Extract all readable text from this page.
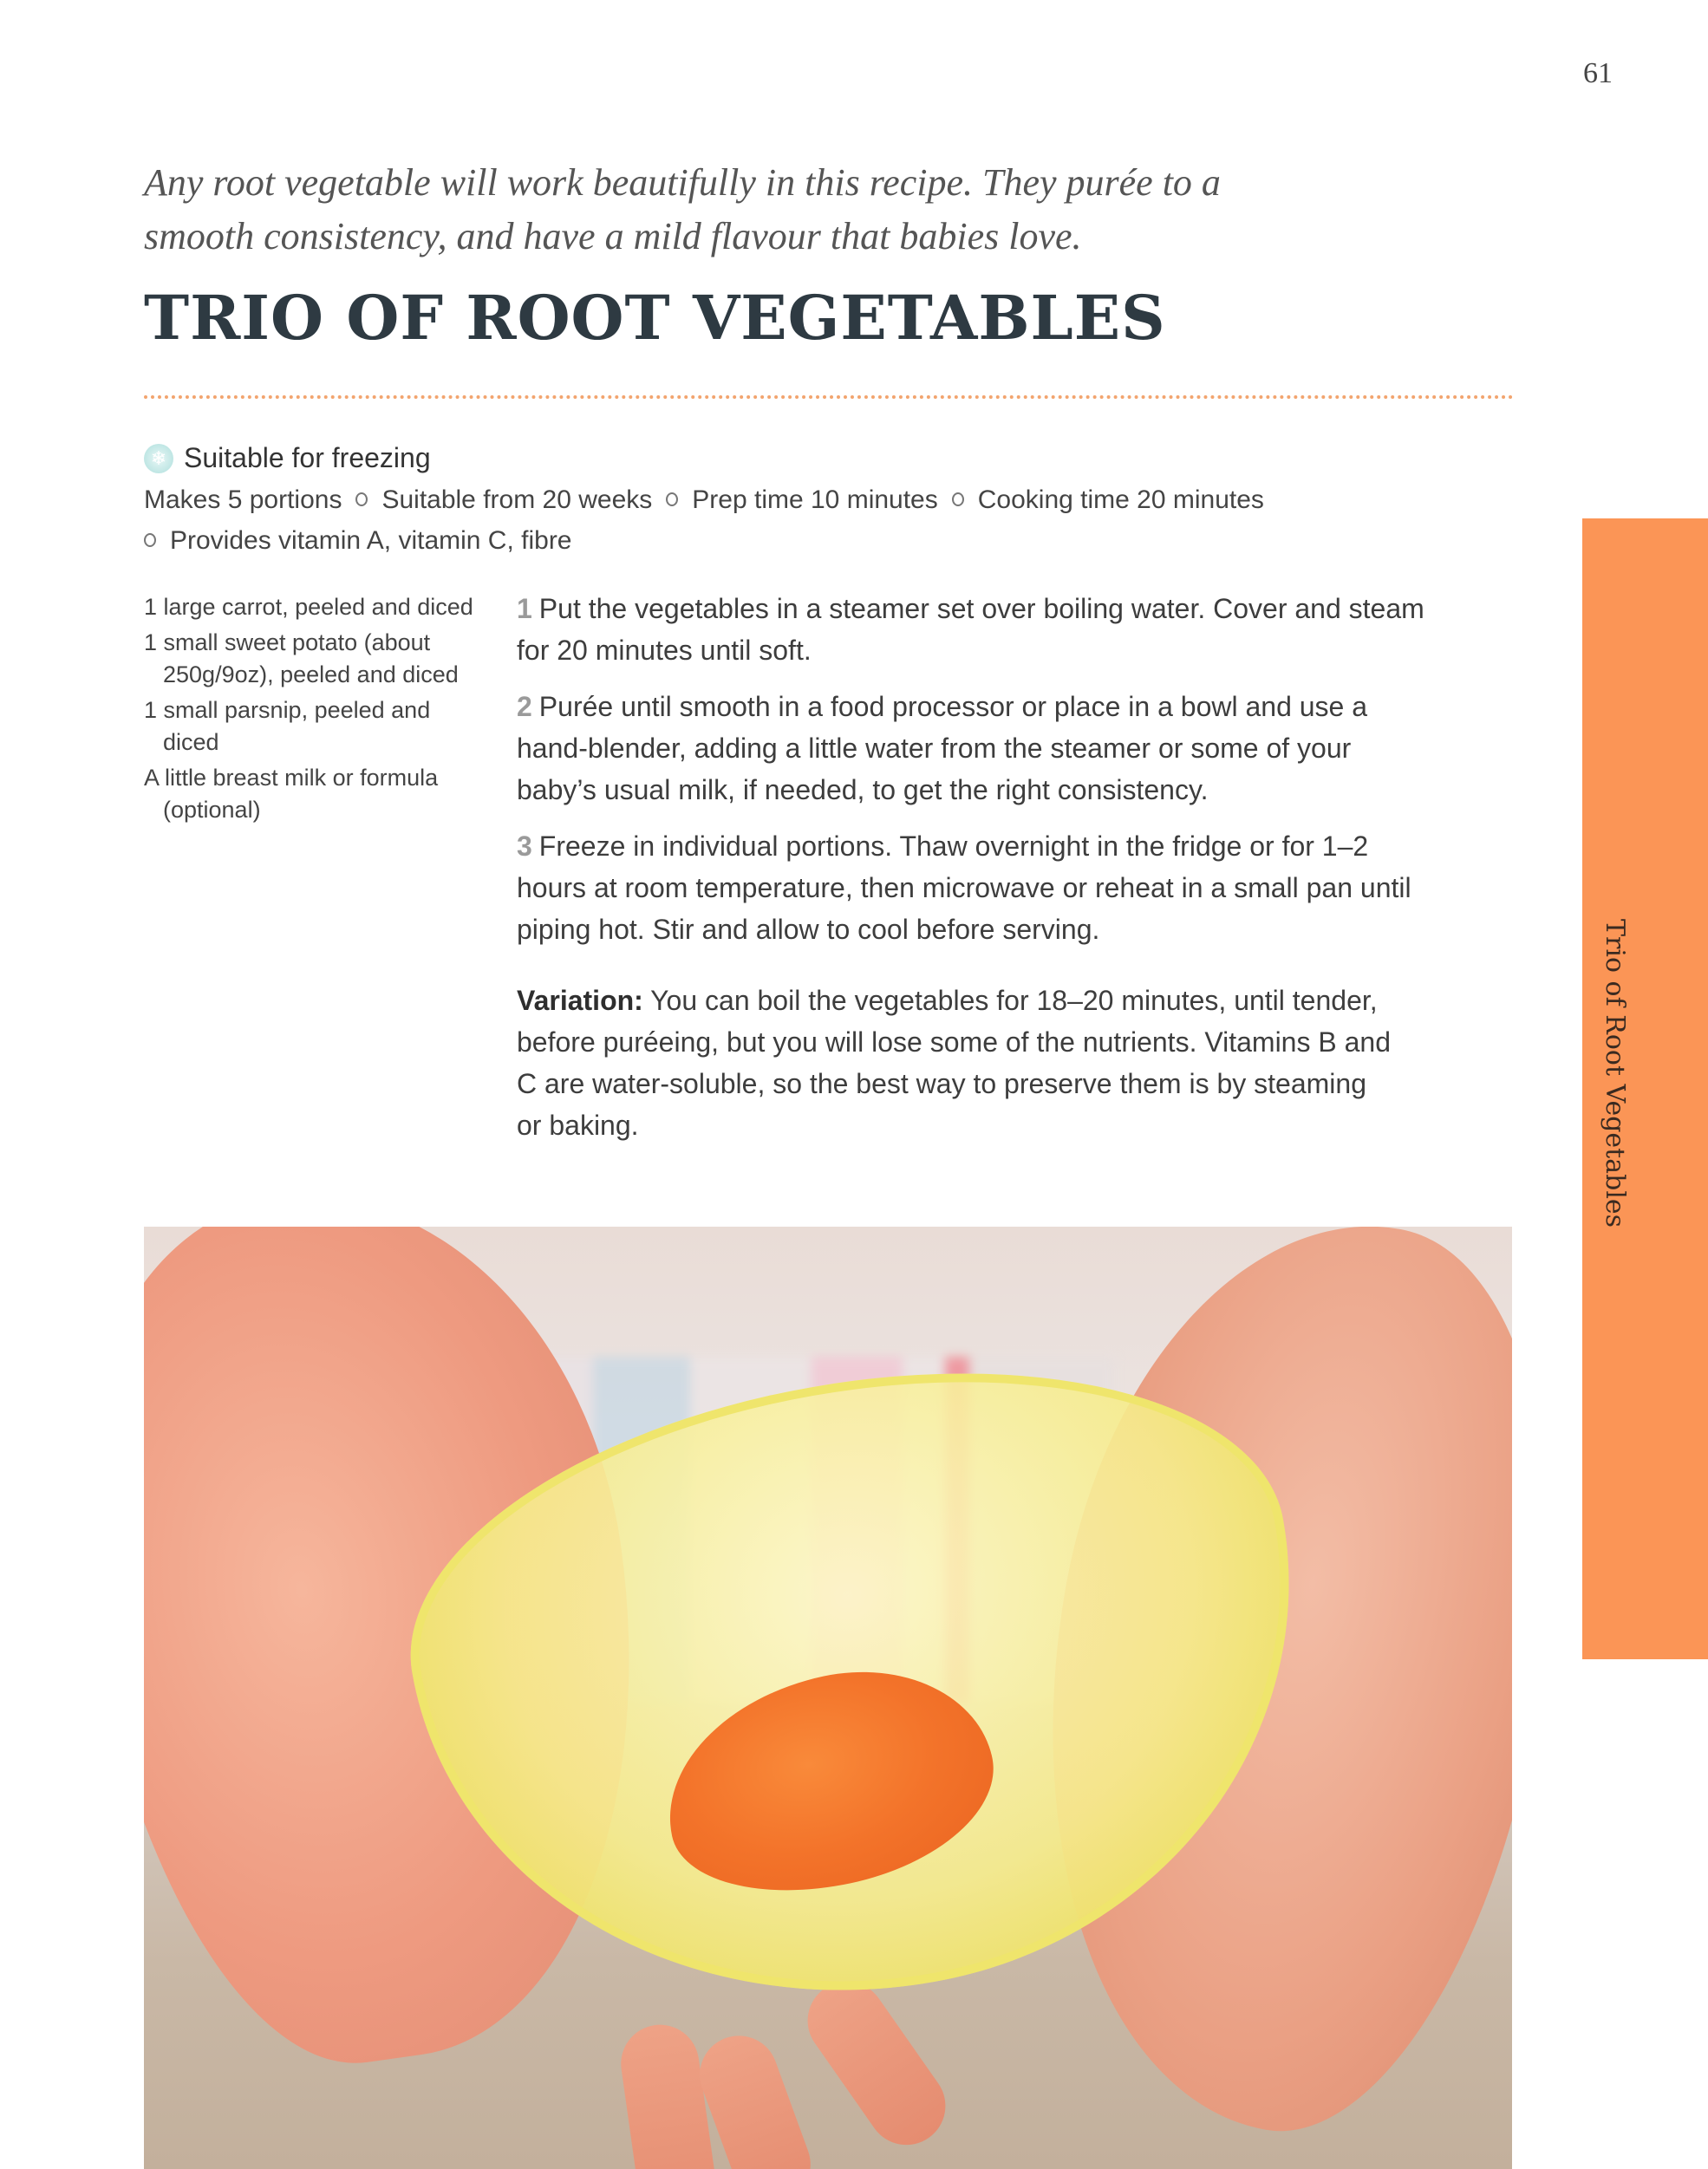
61
Any root vegetable will work beautifully in this recipe. They purée to a smooth consistency, and have a mild flavour that babies love.
TRIO OF ROOT VEGETABLES
❄ Suitable for freezing
Makes 5 portions Suitable from 20 weeks Prep time 10 minutes Cooking time 20 minutes
Provides vitamin A, vitamin C, fibre
1 large carrot, peeled and diced
1 small sweet potato (about 250g/9oz), peeled and diced
1 small parsnip, peeled and diced
A little breast milk or formula (optional)

1 Put the vegetables in a steamer set over boiling water. Cover and steam for 20 minutes until soft.

2 Purée until smooth in a food processor or place in a bowl and use a hand-blender, adding a little water from the steamer or some of your baby’s usual milk, if needed, to get the right consistency.

3 Freeze in individual portions. Thaw overnight in the fridge or for 1–2 hours at room temperature, then microwave or reheat in a small pan until piping hot. Stir and allow to cool before serving.

Variation: You can boil the vegetables for 18–20 minutes, until tender, before puréeing, but you will lose some of the nutrients. Vitamins B and C are water-soluble, so the best way to preserve them is by steaming or baking.	Trio of Root Vegetables
